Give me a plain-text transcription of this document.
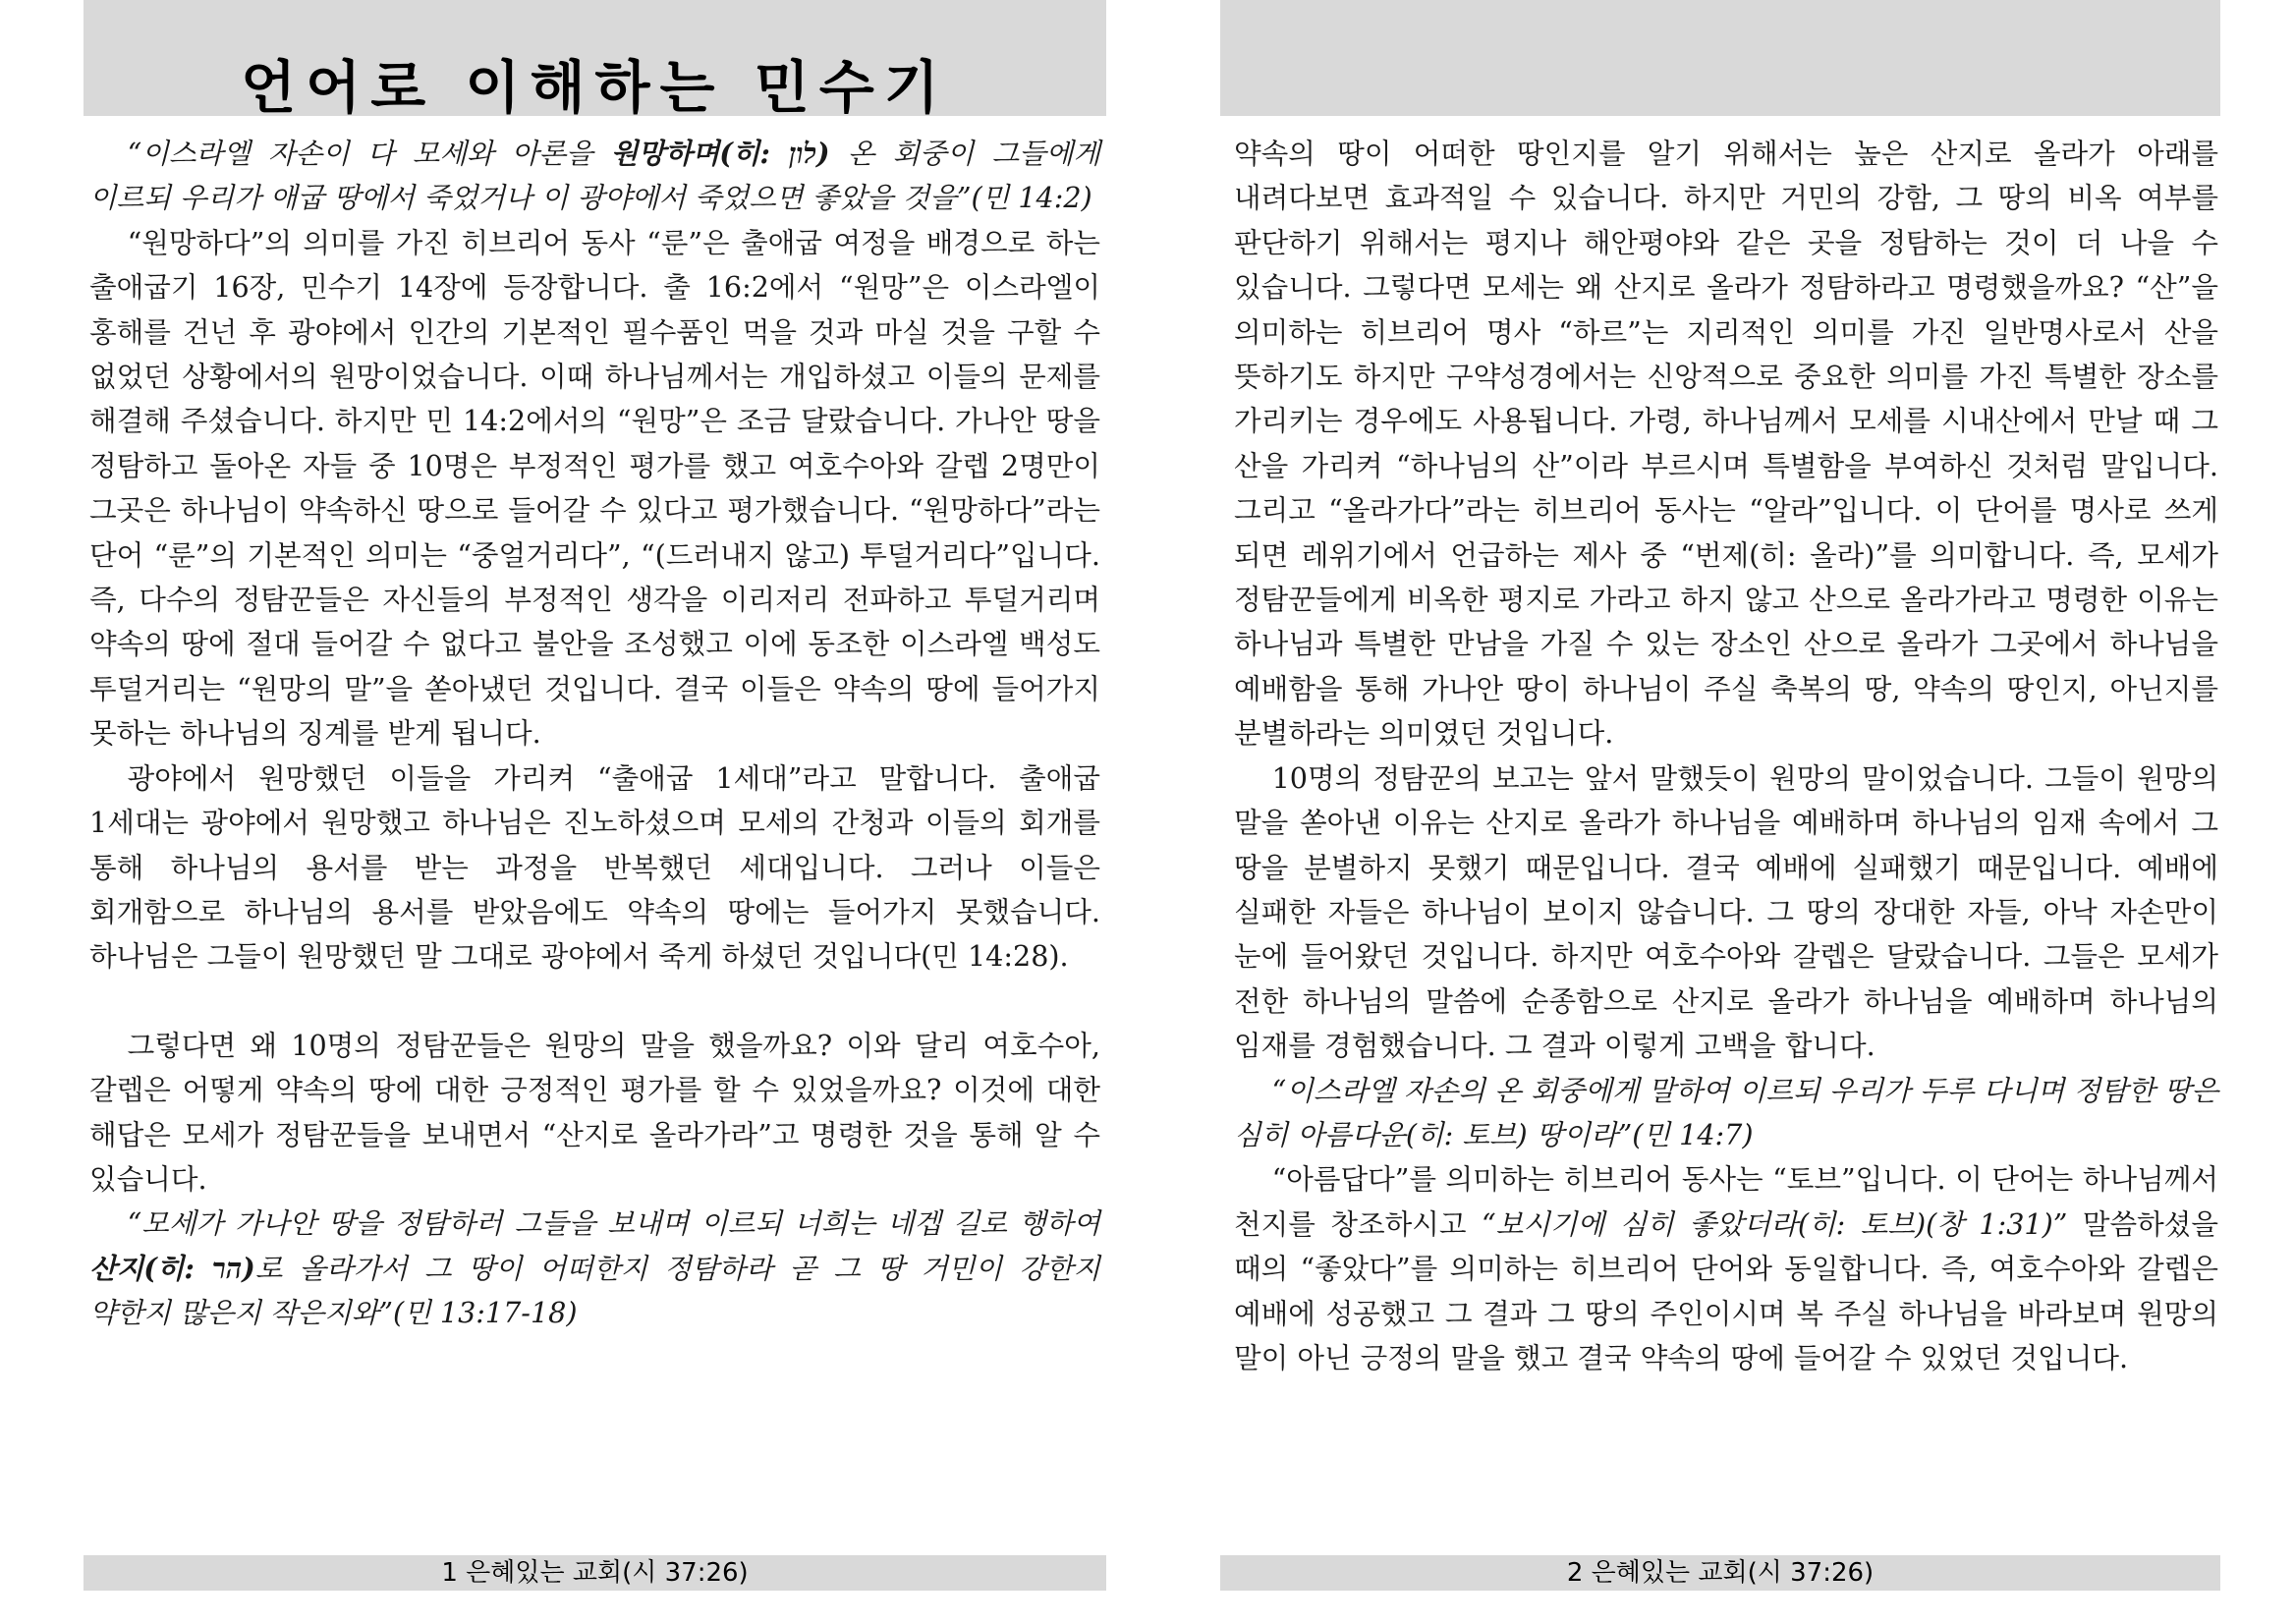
언어로 이해하는 민수기

“이스라엘 자손이 다 모세와 아론을 원망하며(히: לון) 온 회중이 그들에게 이르되 우리가 애굽 땅에서 죽었거나 이 광야에서 죽었으면 좋았을 것을”(민 14:2)

“원망하다”의 의미를 가진 히브리어 동사 “룬”은 출애굽 여정을 배경으로 하는 출애굽기 16장, 민수기 14장에 등장합니다. 출 16:2에서 “원망”은 이스라엘이 홍해를 건넌 후 광야에서 인간의 기본적인 필수품인 먹을 것과 마실 것을 구할 수 없었던 상황에서의 원망이었습니다. 이때 하나님께서는 개입하셨고 이들의 문제를 해결해 주셨습니다. 하지만 민 14:2에서의 “원망”은 조금 달랐습니다. 가나안 땅을 정탐하고 돌아온 자들 중 10명은 부정적인 평가를 했고 여호수아와 갈렙 2명만이 그곳은 하나님이 약속하신 땅으로 들어갈 수 있다고 평가했습니다. “원망하다”라는 단어 “룬”의 기본적인 의미는 “중얼거리다”, “(드러내지 않고) 투덜거리다”입니다. 즉, 다수의 정탐꾼들은 자신들의 부정적인 생각을 이리저리 전파하고 투덜거리며 약속의 땅에 절대 들어갈 수 없다고 불안을 조성했고 이에 동조한 이스라엘 백성도 투덜거리는 “원망의 말”을 쏟아냈던 것입니다. 결국 이들은 약속의 땅에 들어가지 못하는 하나님의 징계를 받게 됩니다.

광야에서 원망했던 이들을 가리켜 “출애굽 1세대”라고 말합니다. 출애굽 1세대는 광야에서 원망했고 하나님은 진노하셨으며 모세의 간청과 이들의 회개를 통해 하나님의 용서를 받는 과정을 반복했던 세대입니다. 그러나 이들은 회개함으로 하나님의 용서를 받았음에도 약속의 땅에는 들어가지 못했습니다. 하나님은 그들이 원망했던 말 그대로 광야에서 죽게 하셨던 것입니다(민 14:28).

그렇다면 왜 10명의 정탐꾼들은 원망의 말을 했을까요? 이와 달리 여호수아, 갈렙은 어떻게 약속의 땅에 대한 긍정적인 평가를 할 수 있었을까요? 이것에 대한 해답은 모세가 정탐꾼들을 보내면서 “산지로 올라가라”고 명령한 것을 통해 알 수 있습니다.

“모세가 가나안 땅을 정탐하러 그들을 보내며 이르되 너희는 네겝 길로 행하여 산지(히: הר)로 올라가서 그 땅이 어떠한지 정탐하라 곧 그 땅 거민이 강한지 약한지 많은지 작은지와”(민 13:17-18)

1 은혜있는 교회(시 37:26)

약속의 땅이 어떠한 땅인지를 알기 위해서는 높은 산지로 올라가 아래를 내려다보면 효과적일 수 있습니다. 하지만 거민의 강함, 그 땅의 비옥 여부를 판단하기 위해서는 평지나 해안평야와 같은 곳을 정탐하는 것이 더 나을 수 있습니다. 그렇다면 모세는 왜 산지로 올라가 정탐하라고 명령했을까요? “산”을 의미하는 히브리어 명사 “하르”는 지리적인 의미를 가진 일반명사로서 산을 뜻하기도 하지만 구약성경에서는 신앙적으로 중요한 의미를 가진 특별한 장소를 가리키는 경우에도 사용됩니다. 가령, 하나님께서 모세를 시내산에서 만날 때 그 산을 가리켜 “하나님의 산”이라 부르시며 특별함을 부여하신 것처럼 말입니다. 그리고 “올라가다”라는 히브리어 동사는 “알라”입니다. 이 단어를 명사로 쓰게 되면 레위기에서 언급하는 제사 중 “번제(히: 올라)”를 의미합니다. 즉, 모세가 정탐꾼들에게 비옥한 평지로 가라고 하지 않고 산으로 올라가라고 명령한 이유는 하나님과 특별한 만남을 가질 수 있는 장소인 산으로 올라가 그곳에서 하나님을 예배함을 통해 가나안 땅이 하나님이 주실 축복의 땅, 약속의 땅인지, 아닌지를 분별하라는 의미였던 것입니다.

10명의 정탐꾼의 보고는 앞서 말했듯이 원망의 말이었습니다. 그들이 원망의 말을 쏟아낸 이유는 산지로 올라가 하나님을 예배하며 하나님의 임재 속에서 그 땅을 분별하지 못했기 때문입니다. 결국 예배에 실패했기 때문입니다. 예배에 실패한 자들은 하나님이 보이지 않습니다. 그 땅의 장대한 자들, 아낙 자손만이 눈에 들어왔던 것입니다. 하지만 여호수아와 갈렙은 달랐습니다. 그들은 모세가 전한 하나님의 말씀에 순종함으로 산지로 올라가 하나님을 예배하며 하나님의 임재를 경험했습니다. 그 결과 이렇게 고백을 합니다.

“이스라엘 자손의 온 회중에게 말하여 이르되 우리가 두루 다니며 정탐한 땅은 심히 아름다운(히: 토브) 땅이라”(민 14:7)

“아름답다”를 의미하는 히브리어 동사는 “토브”입니다. 이 단어는 하나님께서 천지를 창조하시고 “보시기에 심히 좋았더라(히: 토브)(창 1:31)” 말씀하셨을 때의 “좋았다”를 의미하는 히브리어 단어와 동일합니다. 즉, 여호수아와 갈렙은 예배에 성공했고 그 결과 그 땅의 주인이시며 복 주실 하나님을 바라보며 원망의 말이 아닌 긍정의 말을 했고 결국 약속의 땅에 들어갈 수 있었던 것입니다.

2 은혜있는 교회(시 37:26)
